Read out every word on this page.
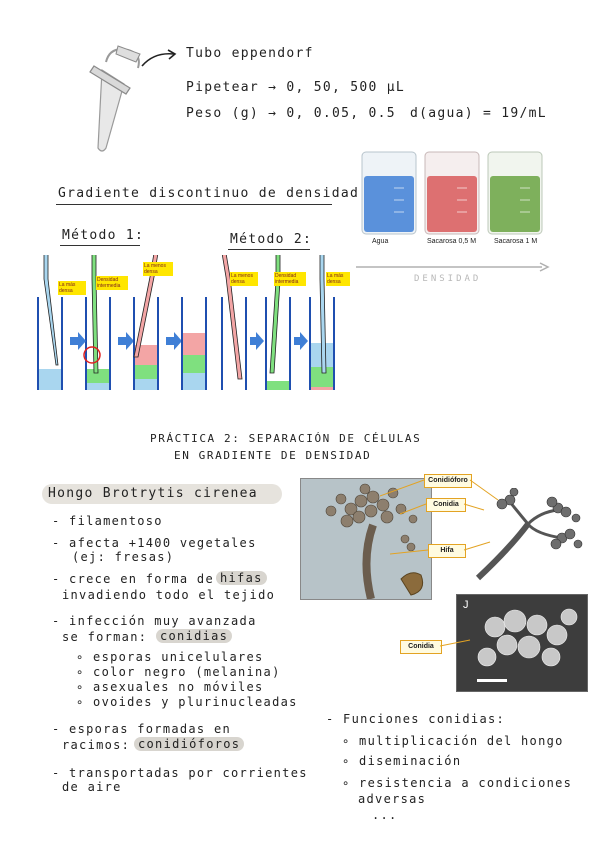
Tubo eppendorf
Pipetear → 0, 50, 500 µL
Peso (g) → 0, 0.05, 0.5 d(agua) = 19/mL
Agua	Sacarosa 0,5 M	Sacarosa 1 M
DENSIDAD
Gradiente discontinuo de densidad
Método 1:	Método 2:
La más densa
Densidad intermedia
La menos densa
La menos densa
Densidad intermedia
La más densa
PRÁCTICA 2: SEPARACIÓN DE CÉLULAS
EN GRADIENTE DE DENSIDAD
Hongo Brotrytis cirenea
- filamentoso
- afecta +1400 vegetales
(ej: fresas)
- crece en forma de hifas
invadiendo todo el tejido
- infección muy avanzada
se forman:	conidias
∘ esporas unicelulares
∘ color negro (melanina)
∘ asexuales no móviles
∘ ovoides y plurinucleadas
- esporas formadas en
racimos: conidióforos
- transportadas por corrientes
de aire
J
Conidióforo
Conidia
Hifa
Conidia
- Funciones conidias:
∘ multiplicación del hongo
∘ diseminación
∘ resistencia a condiciones
adversas
...
